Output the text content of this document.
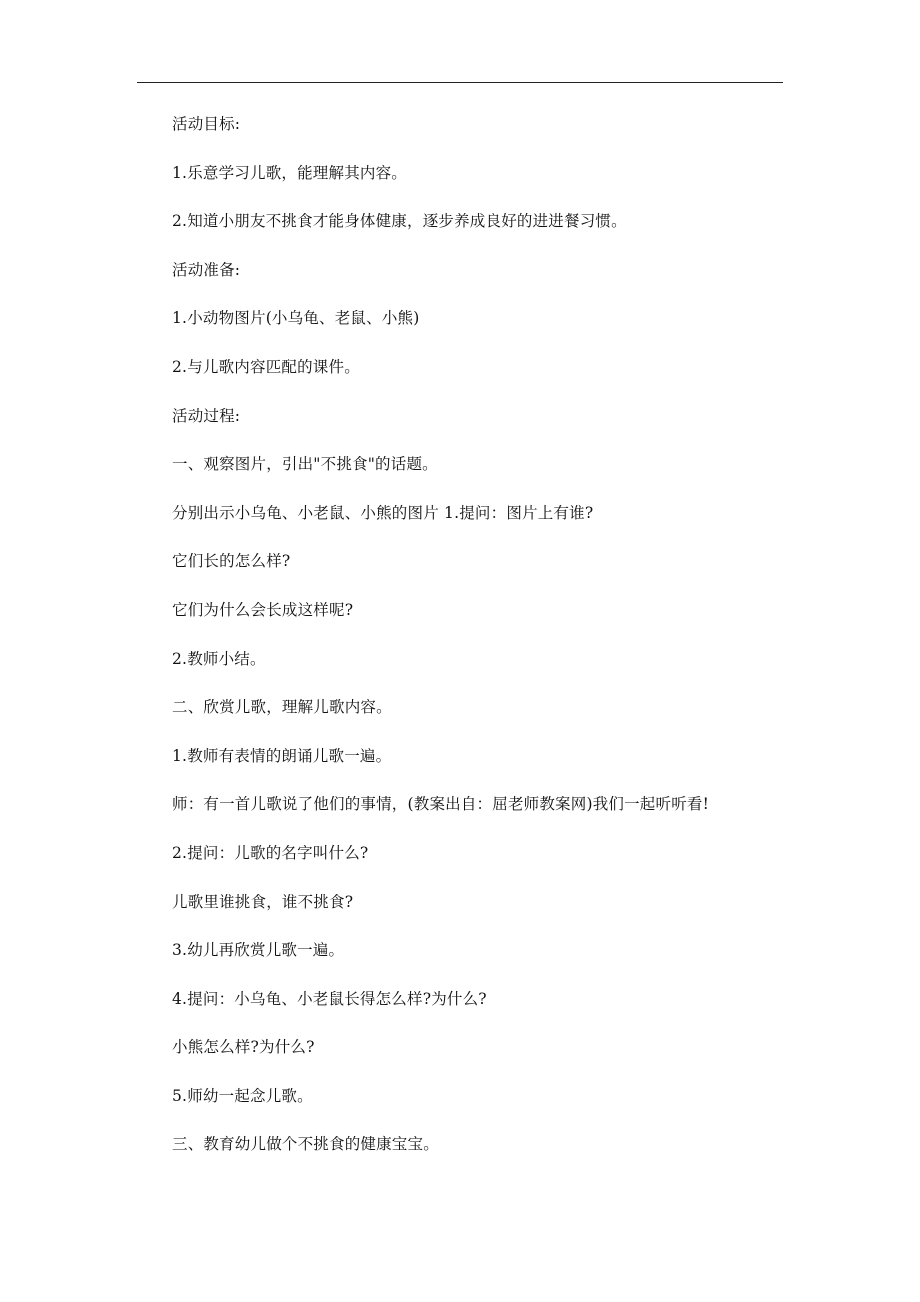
活动目标:
1.乐意学习儿歌，能理解其内容。
2.知道小朋友不挑食才能身体健康，逐步养成良好的进进餐习惯。
活动准备:
1.小动物图片(小乌龟、老鼠、小熊)
2.与儿歌内容匹配的课件。
活动过程:
一、观察图片，引出"不挑食"的话题。
分别出示小乌龟、小老鼠、小熊的图片 1.提问：图片上有谁?
它们长的怎么样?
它们为什么会长成这样呢?
2.教师小结。
二、欣赏儿歌，理解儿歌内容。
1.教师有表情的朗诵儿歌一遍。
师：有一首儿歌说了他们的事情，(教案出自：屈老师教案网)我们一起听听看!
2.提问：儿歌的名字叫什么?
儿歌里谁挑食，谁不挑食?
3.幼儿再欣赏儿歌一遍。
4.提问：小乌龟、小老鼠长得怎么样?为什么?
小熊怎么样?为什么?
5.师幼一起念儿歌。
三、教育幼儿做个不挑食的健康宝宝。
